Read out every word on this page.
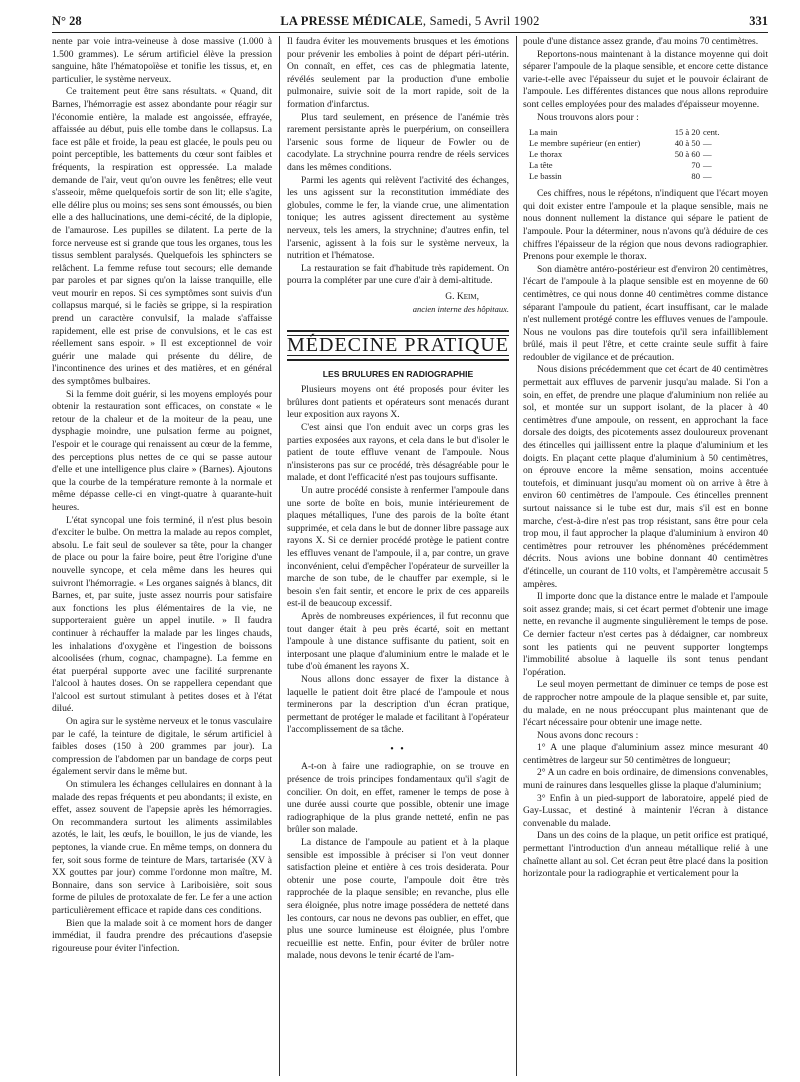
N° 28	LA PRESSE MÉDICALE, Samedi, 5 Avril 1902	331

nente par voie intra-veineuse à dose massive (1.000 à 1.500 grammes). Le sérum artificiel élève la pression sanguine, hâte l'hématopoïèse et tonifie les tissus, et, en particulier, le système nerveux.

Ce traitement peut être sans résultats. « Quand, dit Barnes, l'hémorragie est assez abondante pour réagir sur l'économie entière, la malade est angoissée, effrayée, affaissée au début, puis elle tombe dans le collapsus. La face est pâle et froide, la peau est glacée, le pouls peu ou point perceptible, les battements du cœur sont faibles et fréquents, la respiration est oppressée. La malade demande de l'air, veut qu'on ouvre les fenêtres; elle veut s'asseoir, même quelquefois sortir de son lit; elle s'agite, elle délire plus ou moins; ses sens sont émoussés, ou bien elle a des hallucinations, une demi-cécité, de la diplopie, de l'amaurose. Les pupilles se dilatent. La perte de la force nerveuse est si grande que tous les organes, tous les tissus semblent paralysés. Quelquefois les sphincters se relâchent. La femme refuse tout secours; elle demande par paroles et par signes qu'on la laisse tranquille, elle veut mourir en repos. Si ces symptômes sont suivis d'un collapsus marqué, si le faciès se grippe, si la respiration prend un caractère convulsif, la malade s'affaisse rapidement, elle est prise de convulsions, et le cas est réellement sans espoir. » Il est exceptionnel de voir guérir une malade qui présente du délire, de l'incontinence des urines et des matières, et en général des symptômes bulbaires.

Si la femme doit guérir, si les moyens employés pour obtenir la restauration sont efficaces, on constate « le retour de la chaleur et de la moiteur de la peau, une dysphagie moindre, une pulsation ferme au poignet, l'espoir et le courage qui renaissent au cœur de la femme, des perceptions plus nettes de ce qui se passe autour d'elle et une intelligence plus claire » (Barnes). Ajoutons que la courbe de la température remonte à la normale et même dépasse celle-ci en vingt-quatre à quarante-huit heures.

L'état syncopal une fois terminé, il n'est plus besoin d'exciter le bulbe. On mettra la malade au repos complet, absolu. Le fait seul de soulever sa tête, pour la changer de place ou pour la faire boire, peut être l'origine d'une nouvelle syncope, et cela même dans les heures qui suivront l'hémorragie. « Les organes saignés à blancs, dit Barnes, et, par suite, juste assez nourris pour satisfaire aux fonctions les plus élémentaires de la vie, ne supporteraient guère un appel inutile. » Il faudra continuer à réchauffer la malade par les linges chauds, les inhalations d'oxygène et l'ingestion de boissons alcoolisées (rhum, cognac, champagne). La femme en état puerpéral supporte avec une facilité surprenante l'alcool à hautes doses. On se rappellera cependant que l'alcool est surtout stimulant à petites doses et à l'état dilué.

On agira sur le système nerveux et le tonus vasculaire par le café, la teinture de digitale, le sérum artificiel à faibles doses (150 à 200 grammes par jour). La compression de l'abdomen par un bandage de corps peut également servir dans le même but.

On stimulera les échanges cellulaires en donnant à la malade des repas fréquents et peu abondants; il existe, en effet, assez souvent de l'apepsie après les hémorragies. On recommandera surtout les aliments assimilables azotés, le lait, les œufs, le bouillon, le jus de viande, les peptones, la viande crue. En même temps, on donnera du fer, soit sous forme de teinture de Mars, tartarisée (XV à XX gouttes par jour) comme l'ordonne mon maître, M. Bonnaire, dans son service à Lariboisière, soit sous forme de pilules de protoxalate de fer. Le fer a une action particulièrement efficace et rapide dans ces conditions.

Bien que la malade soit à ce moment hors de danger immédiat, il faudra prendre des précautions d'asepsie rigoureuse pour éviter l'infection.

Il faudra éviter les mouvements brusques et les émotions pour prévenir les embolies à point de départ péri-utérin. On connaît, en effet, ces cas de phlegmatia latente, révélés seulement par la production d'une embolie pulmonaire, suivie soit de la mort rapide, soit de la formation d'infarctus.

Plus tard seulement, en présence de l'anémie très rarement persistante après le puerpérium, on conseillera l'arsenic sous forme de liqueur de Fowler ou de cacodylate. La strychnine pourra rendre de réels services dans les mêmes conditions.

Parmi les agents qui relèvent l'activité des échanges, les uns agissent sur la reconstitution immédiate des globules, comme le fer, la viande crue, une alimentation tonique; les autres agissent directement au système nerveux, tels les amers, la strychnine; d'autres enfin, tel l'arsenic, agissent à la fois sur le système nerveux, la nutrition et l'hématose.

La restauration se fait d'habitude très rapidement. On pourra la compléter par une cure d'air à demi-altitude.

G. Keim,
ancien interne des hôpitaux.
MÉDECINE PRATIQUE
LES BRULURES EN RADIOGRAPHIE

Plusieurs moyens ont été proposés pour éviter les brûlures dont patients et opérateurs sont menacés durant leur exposition aux rayons X.

C'est ainsi que l'on enduit avec un corps gras les parties exposées aux rayons, et cela dans le but d'isoler le patient de toute effluve venant de l'ampoule. Nous n'insisterons pas sur ce procédé, très désagréable pour le malade, et dont l'efficacité n'est pas toujours suffisante.

Un autre procédé consiste à renfermer l'ampoule dans une sorte de boîte en bois, munie intérieurement de plaques métalliques, l'une des parois de la boîte étant supprimée, et cela dans le but de donner libre passage aux rayons X. Si ce dernier procédé protège le patient contre les effluves venant de l'ampoule, il a, par contre, un grave inconvénient, celui d'empêcher l'opérateur de surveiller la marche de son tube, de le chauffer par exemple, si le besoin s'en fait sentir, et encore le prix de ces appareils est-il de beaucoup excessif.

Après de nombreuses expériences, il fut reconnu que tout danger était à peu près écarté, soit en mettant l'ampoule à une distance suffisante du patient, soit en interposant une plaque d'aluminium entre le malade et le tube d'où émanent les rayons X.

Nous allons donc essayer de fixer la distance à laquelle le patient doit être placé de l'ampoule et nous terminerons par la description d'un écran pratique, permettant de protéger le malade et facilitant à l'opérateur l'accomplissement de sa tâche.

• •

A-t-on à faire une radiographie, on se trouve en présence de trois principes fondamentaux qu'il s'agit de concilier. On doit, en effet, ramener le temps de pose à une durée aussi courte que possible, obtenir une image radiographique de la plus grande netteté, enfin ne pas brûler son malade.

La distance de l'ampoule au patient et à la plaque sensible est impossible à préciser si l'on veut donner satisfaction pleine et entière à ces trois desiderata. Pour obtenir une pose courte, l'ampoule doit être très rapprochée de la plaque sensible; en revanche, plus elle sera éloignée, plus notre image possédera de netteté dans les contours, car nous ne devons pas oublier, en effet, que plus une source lumineuse est éloignée, plus l'ombre recueillie est nette. Enfin, pour éviter de brûler notre malade, nous devons le tenir écarté de l'am-

poule d'une distance assez grande, d'au moins 70 centimètres.

Reportons-nous maintenant à la distance moyenne qui doit séparer l'ampoule de la plaque sensible, et encore cette distance varie-t-elle avec l'épaisseur du sujet et le pouvoir éclairant de l'ampoule. Les différentes distances que nous allons reproduire sont celles employées pour des malades d'épaisseur moyenne.

Nous trouvons alors pour :

La main	15 à 20	cent.
Le membre supérieur (en entier)	40 à 50	—
Le thorax	50 à 60	—
La tête	70	—
Le bassin	80	—

Ces chiffres, nous le répétons, n'indiquent que l'écart moyen qui doit exister entre l'ampoule et la plaque sensible, mais ne nous donnent nullement la distance qui sépare le patient de l'ampoule. Pour la déterminer, nous n'avons qu'à déduire de ces chiffres l'épaisseur de la région que nous devons radiographier. Prenons pour exemple le thorax.

Son diamètre antéro-postérieur est d'environ 20 centimètres, l'écart de l'ampoule à la plaque sensible est en moyenne de 60 centimètres, ce qui nous donne 40 centimètres comme distance séparant l'ampoule du patient, écart insuffisant, car le malade n'est nullement protégé contre les effluves venues de l'ampoule. Nous ne voulons pas dire toutefois qu'il sera infailliblement brûlé, mais il peut l'être, et cette crainte seule suffit à faire redoubler de vigilance et de précaution.

Nous disions précédemment que cet écart de 40 centimètres permettait aux effluves de parvenir jusqu'au malade. Si l'on a soin, en effet, de prendre une plaque d'aluminium non reliée au sol, et montée sur un support isolant, de la placer à 40 centimètres d'une ampoule, on ressent, en approchant la face dorsale des doigts, des picotements assez douloureux provenant des étincelles qui jaillissent entre la plaque d'aluminium et les doigts. En plaçant cette plaque d'aluminium à 50 centimètres, on éprouve encore la même sensation, moins accentuée toutefois, et diminuant jusqu'au moment où on arrive à être à environ 60 centimètres de l'ampoule. Ces étincelles prennent surtout naissance si le tube est dur, mais s'il est en bonne marche, c'est-à-dire n'est pas trop résistant, sans être pour cela trop mou, il faut approcher la plaque d'aluminium à environ 40 centimètres pour retrouver les phénomènes précédemment décrits. Nous avions une bobine donnant 40 centimètres d'étincelle, un courant de 110 volts, et l'ampèremètre accusait 5 ampères.

Il importe donc que la distance entre le malade et l'ampoule soit assez grande; mais, si cet écart permet d'obtenir une image nette, en revanche il augmente singulièrement le temps de pose. Ce dernier facteur n'est certes pas à dédaigner, car nombreux sont les patients qui ne peuvent supporter longtemps l'immobilité absolue à laquelle ils sont tenus pendant l'opération.

Le seul moyen permettant de diminuer ce temps de pose est de rapprocher notre ampoule de la plaque sensible et, par suite, du malade, en ne nous préoccupant plus maintenant que de l'écart nécessaire pour obtenir une image nette.

Nous avons donc recours :

1° A une plaque d'aluminium assez mince mesurant 40 centimètres de largeur sur 50 centimètres de longueur;

2° A un cadre en bois ordinaire, de dimensions convenables, muni de rainures dans lesquelles glisse la plaque d'aluminium;

3° Enfin à un pied-support de laboratoire, appelé pied de Gay-Lussac, et destiné à maintenir l'écran à distance convenable du malade.

Dans un des coins de la plaque, un petit orifice est pratiqué, permettant l'introduction d'un anneau métallique relié à une chaînette allant au sol. Cet écran peut être placé dans la position horizontale pour la radiographie et verticalement pour la
